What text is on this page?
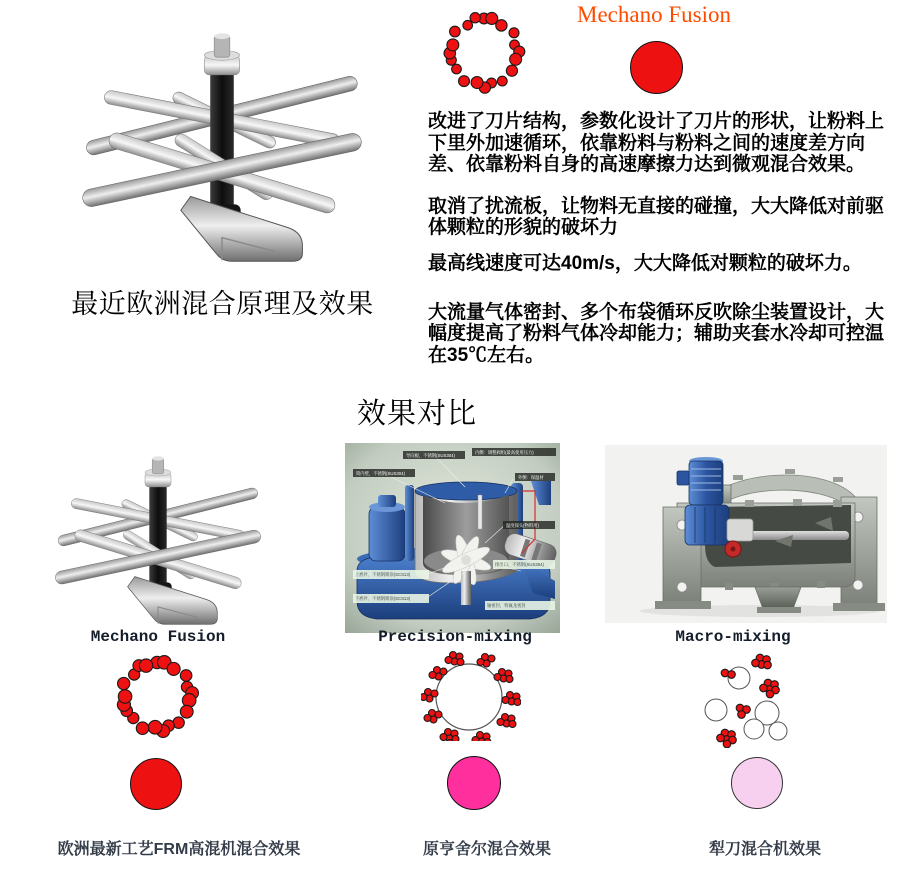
最近欧洲混合原理及效果
Mechano Fusion

改进了刀片结构，参数化设计了刀片的形状，让粉料上下里外加速循环，依靠粉料与粉料之间的速度差方向差、依靠粉料自身的高速摩擦力达到微观混合效果。

取消了扰流板，让物料无直接的碰撞，大大降低对前驱体颗粒的形貌的破坏力

最高线速度可达40m/s，大大降低对颗粒的破坏力。

大流量气体密封、多个布袋循环反吹除尘装置设计，大幅度提高了粉料气体冷却能力；辅助夹套水冷却可控温在35℃左右。

效果对比
Mechano Fusion
欧洲最新工艺FRM高混机混合效果
筒内壁，不锈钢(SUS304)
导向板，不锈钢(SUS304)
内侧：调整阀组(最高使用压力)
外侧：保温材
温度探头(物料用)
上底叶、不锈钢喷涂(SCS13)
下底叶、不锈钢喷涂(SCS13)
排出口，不锈钢(SUS304)
轴密封，特氟龙密封
Precision-mixing
原亨舍尔混合效果
Macro-mixing
犁刀混合机效果
